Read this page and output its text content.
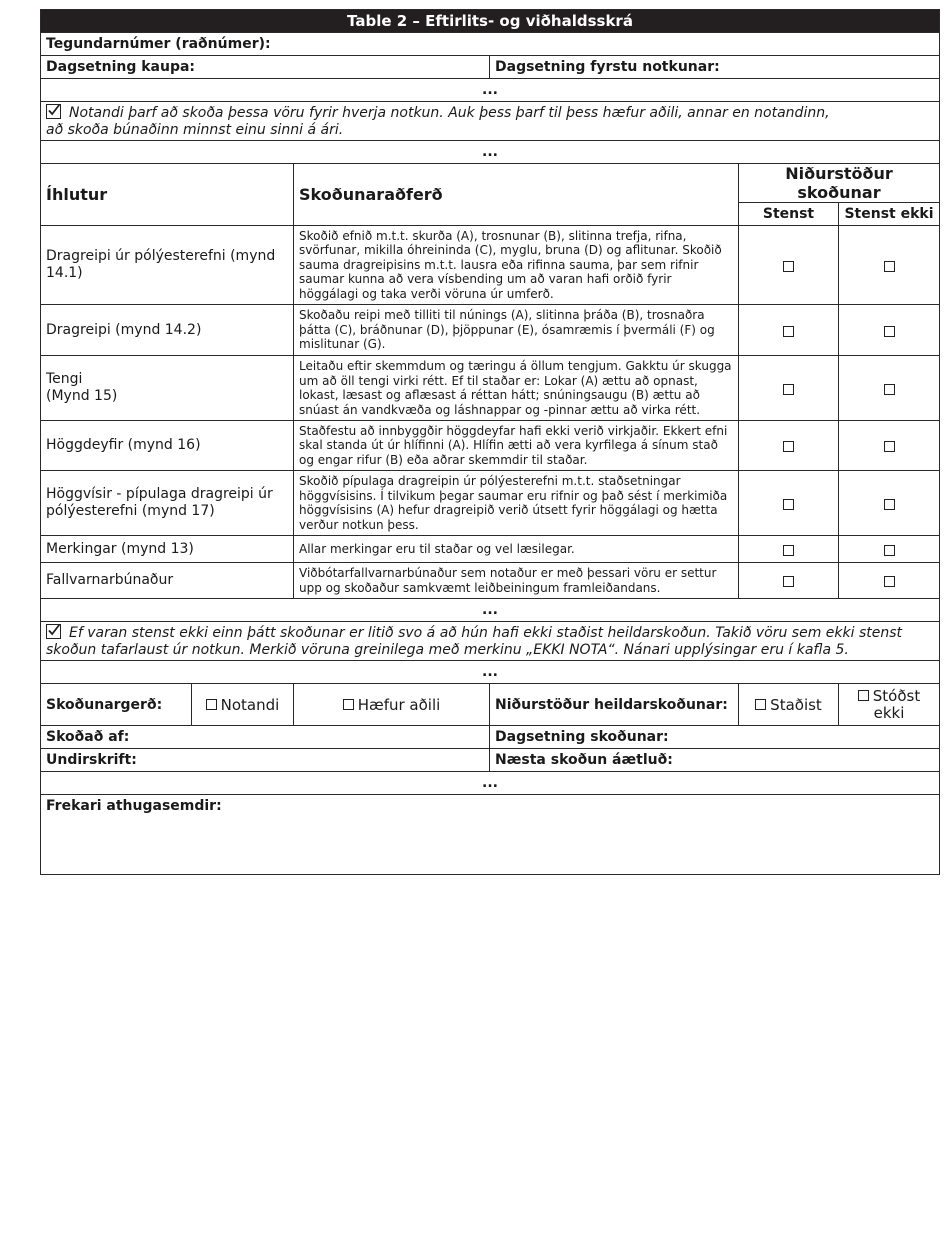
Table 2 – Eftirlits- og viðhaldsskrá					
Tegundarnúmer (raðnúmer):					
Dagsetning kaupa:			Dagsetning fyrstu notkunar:		
...					

Notandi þarf að skoða þessa vöru fyrir hverja notkun. Auk þess þarf til þess hæfur aðili, annar en notandinn,
að skoða búnaðinn minnst einu sinni á ári.					
...					
Íhlutur		Skoðunaraðferð		Niðurstöður skoðunar	
				Stenst	Stenst ekki
Dragreipi úr pólýesterefni (mynd 14.1)		Skoðið efnið m.t.t. skurða (A), trosnunar (B), slitinna trefja, rifna, svörfunar, mikilla óhreininda (C), myglu, bruna (D) og aflitunar. Skoðið sauma dragreipisins m.t.t. lausra eða rifinna sauma, þar sem rifnir saumar kunna að vera vísbending um að varan hafi orðið fyrir höggálagi og taka verði vöruna úr umferð.			
Dragreipi (mynd 14.2)		Skoðaðu reipi með tilliti til núnings (A), slitinna þráða (B), trosnaðra þátta (C), bráðnunar (D), þjöppunar (E), ósamræmis í þvermáli (F) og mislitunar (G).			
Tengi
(Mynd 15)		Leitaðu eftir skemmdum og tæringu á öllum tengjum. Gakktu úr skugga um að öll tengi virki rétt. Ef til staðar er: Lokar (A) ættu að opnast, lokast, læsast og aflæsast á réttan hátt; snúningsaugu (B) ættu að snúast án vandkvæða og láshnappar og -pinnar ættu að virka rétt.			
Höggdeyfir (mynd 16)		Staðfestu að innbyggðir höggdeyfar hafi ekki verið virkjaðir. Ekkert efni skal standa út úr hlífinni (A). Hlífin ætti að vera kyrfilega á sínum stað og engar rifur (B) eða aðrar skemmdir til staðar.			
Höggvísir - pípulaga dragreipi úr pólýesterefni (mynd 17)		Skoðið pípulaga dragreipin úr pólýesterefni m.t.t. staðsetningar höggvísisins. Í tilvikum þegar saumar eru rifnir og það sést í merkimiða höggvísisins (A) hefur dragreipið verið útsett fyrir höggálagi og hætta verður notkun þess.			
Merkingar (mynd 13)		Allar merkingar eru til staðar og vel læsilegar.			
Fallvarnarbúnaður		Viðbótarfallvarnarbúnaður sem notaður er með þessari vöru er settur upp og skoðaður samkvæmt leiðbeiningum framleiðandans.			
...					

Ef varan stenst ekki einn þátt skoðunar er litið svo á að hún hafi ekki staðist heildarskoðun. Takið vöru sem ekki stenst
skoðun tafarlaust úr notkun. Merkið vöruna greinilega með merkinu „EKKI NOTA“. Nánari upplýsingar eru í kafla 5.					
...					
Skoðunargerð:	Notandi	Hæfur aðili	Niðurstöður heildarskoðunar:	Staðist	Stóðst
ekki
Skoðað af:			Dagsetning skoðunar:		
Undirskrift:			Næsta skoðun áætluð:		
...					
Frekari athugasemdir:					
